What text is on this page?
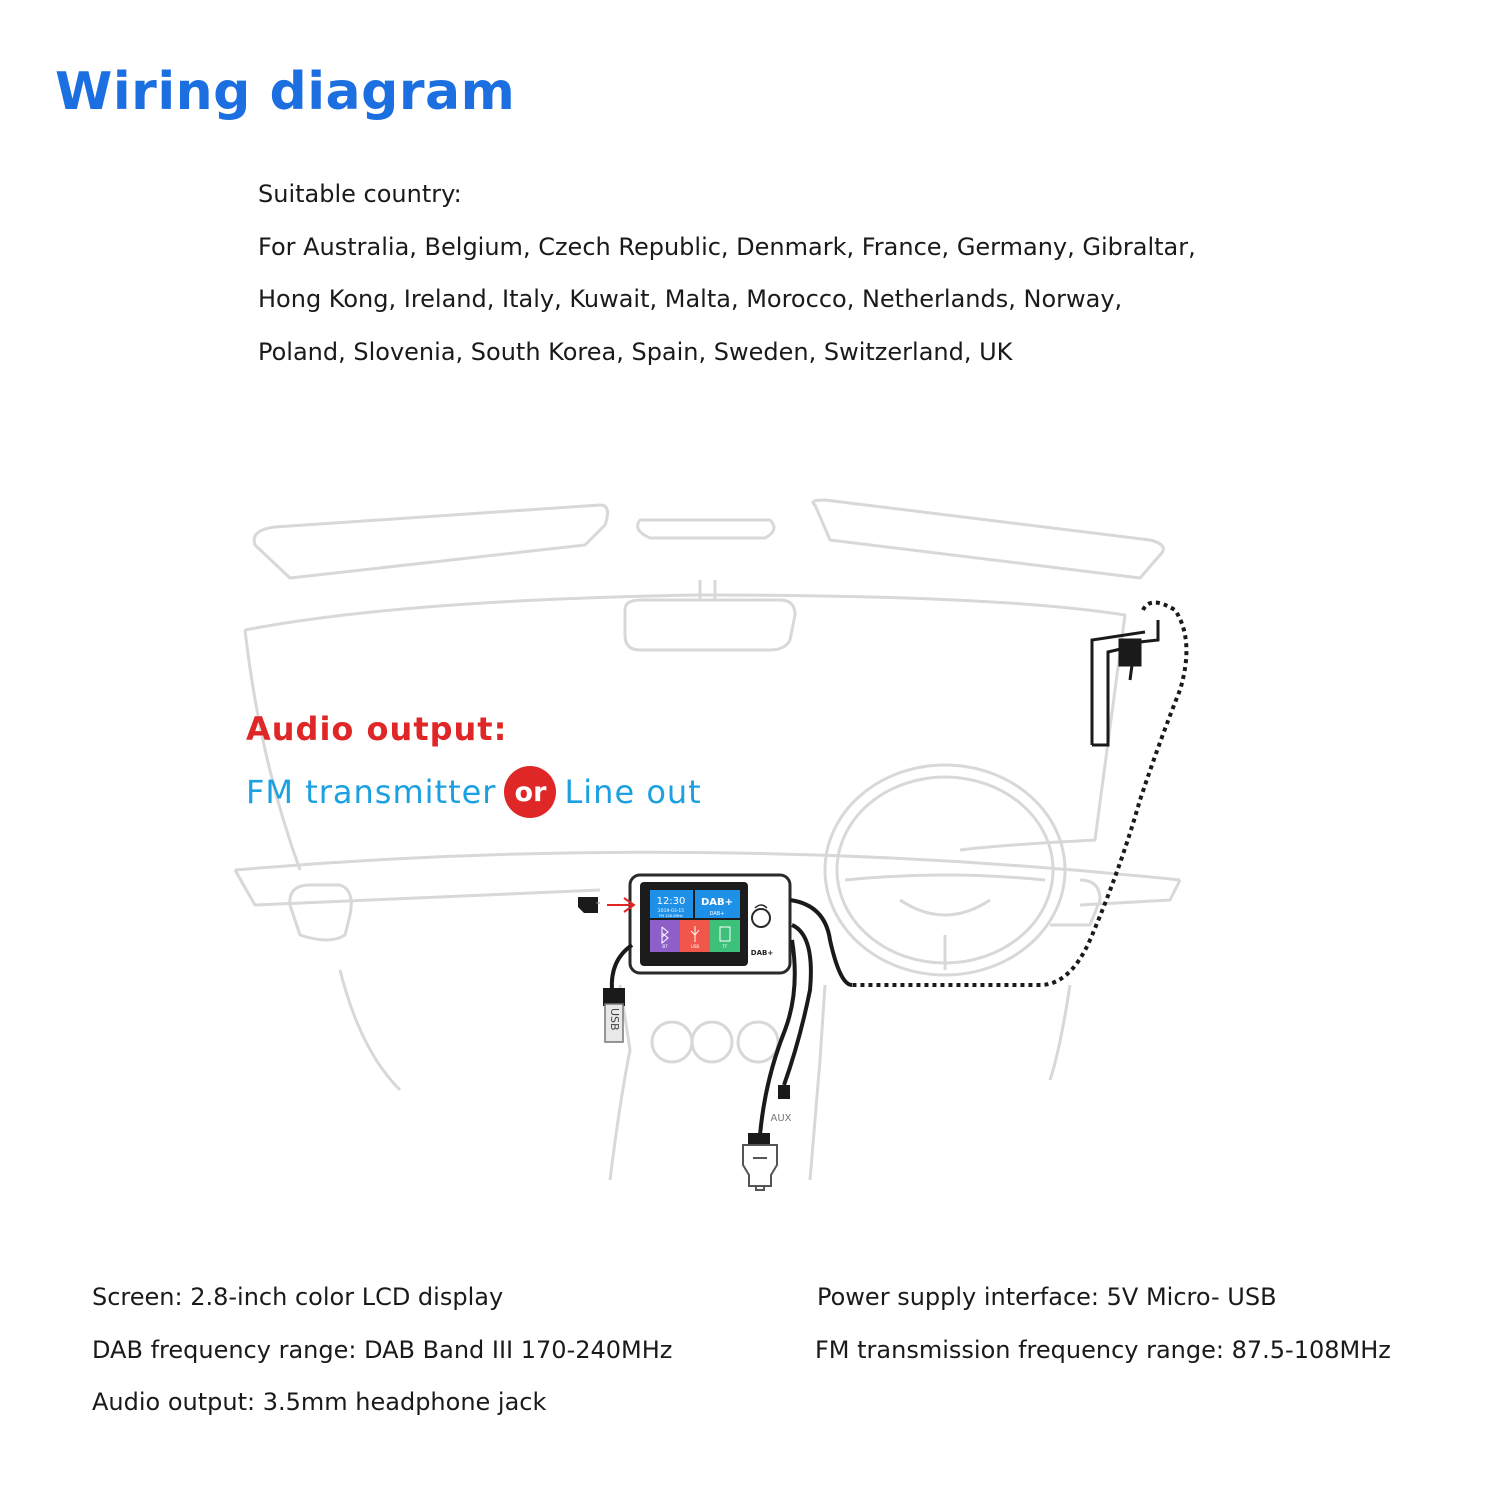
Wiring diagram
Suitable country:
For Australia, Belgium, Czech Republic, Denmark, France, Germany, Gibraltar,
Hong Kong, Ireland, Italy, Kuwait, Malta, Morocco, Netherlands, Norway,
Poland, Slovenia, South Korea, Spain, Sweden, Switzerland, UK
12:30
2019-03-15
FM 108.0MHz
DAB+
DAB+
BT	USB	TF
DAB+
USB
AUX
Audio output:
FM transmitter or Line out
Screen: 2.8-inch color LCD display
DAB frequency range: DAB Band III 170-240MHz
Audio output: 3.5mm headphone jack
Power supply interface: 5V Micro- USB
FM transmission frequency range: 87.5-108MHz
